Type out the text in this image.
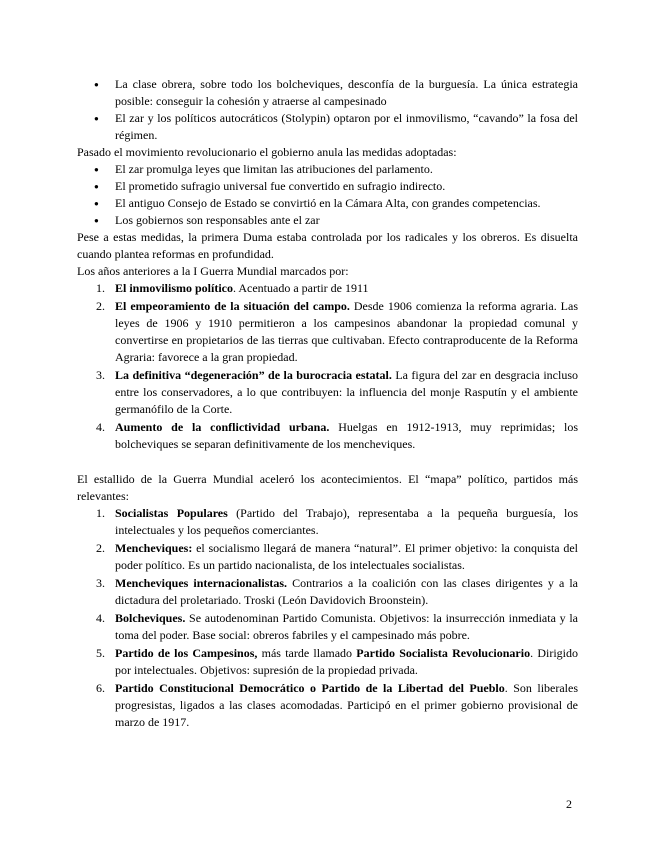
● La clase obrera, sobre todo los bolcheviques, desconfía de la burguesía. La única estrategia posible: conseguir la cohesión y atraerse al campesinado
● El zar y los políticos autocráticos (Stolypin) optaron por el inmovilismo, “cavando” la fosa del régimen.

Pasado el movimiento revolucionario el gobierno anula las medidas adoptadas:

● El zar promulga leyes que limitan las atribuciones del parlamento.
● El prometido sufragio universal fue convertido en sufragio indirecto.
● El antiguo Consejo de Estado se convirtió en la Cámara Alta, con grandes competencias.
● Los gobiernos son responsables ante el zar

Pese a estas medidas, la primera Duma estaba controlada por los radicales y los obreros. Es disuelta cuando plantea reformas en profundidad.

Los años anteriores a la I Guerra Mundial marcados por:

1. El inmovilismo político. Acentuado a partir de 1911
2. El empeoramiento de la situación del campo. Desde 1906 comienza la reforma agraria. Las leyes de 1906 y 1910 permitieron a los campesinos abandonar la propiedad comunal y convertirse en propietarios de las tierras que cultivaban. Efecto contraproducente de la Reforma Agraria: favorece a la gran propiedad.
3. La definitiva “degeneración” de la burocracia estatal. La figura del zar en desgracia incluso entre los conservadores, a lo que contribuyen: la influencia del monje Rasputín y el ambiente germanófilo de la Corte.
4. Aumento de la conflictividad urbana. Huelgas en 1912-1913, muy reprimidas; los bolcheviques se separan definitivamente de los mencheviques.

El estallido de la Guerra Mundial aceleró los acontecimientos. El “mapa” político, partidos más relevantes:

1. Socialistas Populares (Partido del Trabajo), representaba a la pequeña burguesía, los intelectuales y los pequeños comerciantes.
2. Mencheviques: el socialismo llegará de manera “natural”. El primer objetivo: la conquista del poder político. Es un partido nacionalista, de los intelectuales socialistas.
3. Mencheviques internacionalistas. Contrarios a la coalición con las clases dirigentes y a la dictadura del proletariado. Troski (León Davidovich Broonstein).
4. Bolcheviques. Se autodenominan Partido Comunista. Objetivos: la insurrección inmediata y la toma del poder. Base social: obreros fabriles y el campesinado más pobre.
5. Partido de los Campesinos, más tarde llamado Partido Socialista Revolucionario. Dirigido por intelectuales. Objetivos: supresión de la propiedad privada.
6. Partido Constitucional Democrático o Partido de la Libertad del Pueblo. Son liberales progresistas, ligados a las clases acomodadas. Participó en el primer gobierno provisional de marzo de 1917.
2
